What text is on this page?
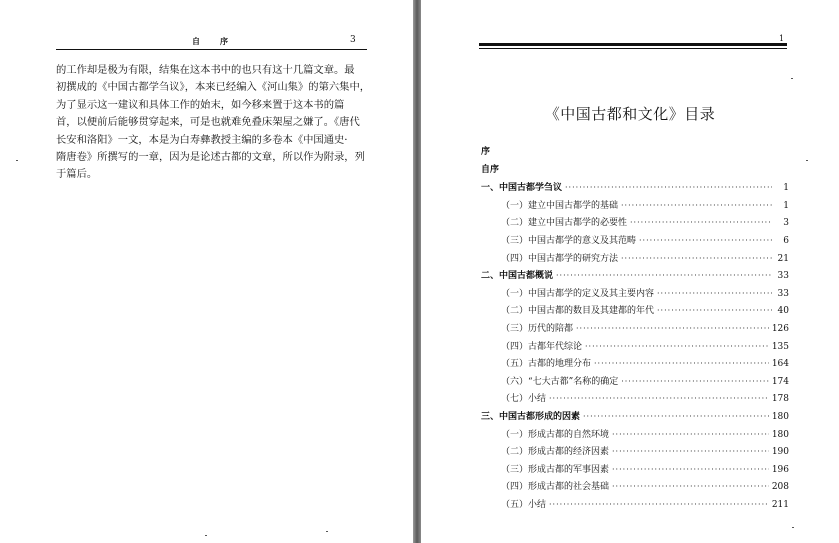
自　序	3
的工作却是极为有限，结集在这本书中的也只有这十几篇文章。最
初撰成的《中国古都学刍议》，本来已经编入《河山集》的第六集中，
为了显示这一建议和具体工作的始末，如今移来置于这本书的篇
首，以便前后能够贯穿起来，可是也就难免叠床架屋之嫌了。《唐代
长安和洛阳》一文，本是为白寿彝教授主编的多卷本《中国通史·
隋唐卷》所撰写的一章，因为是论述古都的文章，所以作为附录，列
于篇后。
1
《中国古都和文化》目录
序
自序
一、中国古都学刍议 ·····	1
（一）建立中国古都学的基础 ·····	1
（二）建立中国古都学的必要性 ·····	3
（三）中国古都学的意义及其范畴 ·····	6
（四）中国古都学的研究方法 ·····	21
二、中国古都概说 ·····	33
（一）中国古都学的定义及其主要内容 ·····	33
（二）中国古都的数目及其建都的年代 ·····	40
（三）历代的陪都 ·····	126
（四）古都年代综论 ·····	135
（五）古都的地理分布 ·····	164
（六）“七大古都”名称的确定 ·····	174
（七）小结 ·····	178
三、中国古都形成的因素 ·····	180
（一）形成古都的自然环境 ·····	180
（二）形成古都的经济因素 ·····	190
（三）形成古都的军事因素 ·····	196
（四）形成古都的社会基础 ·····	208
（五）小结 ·····	211
